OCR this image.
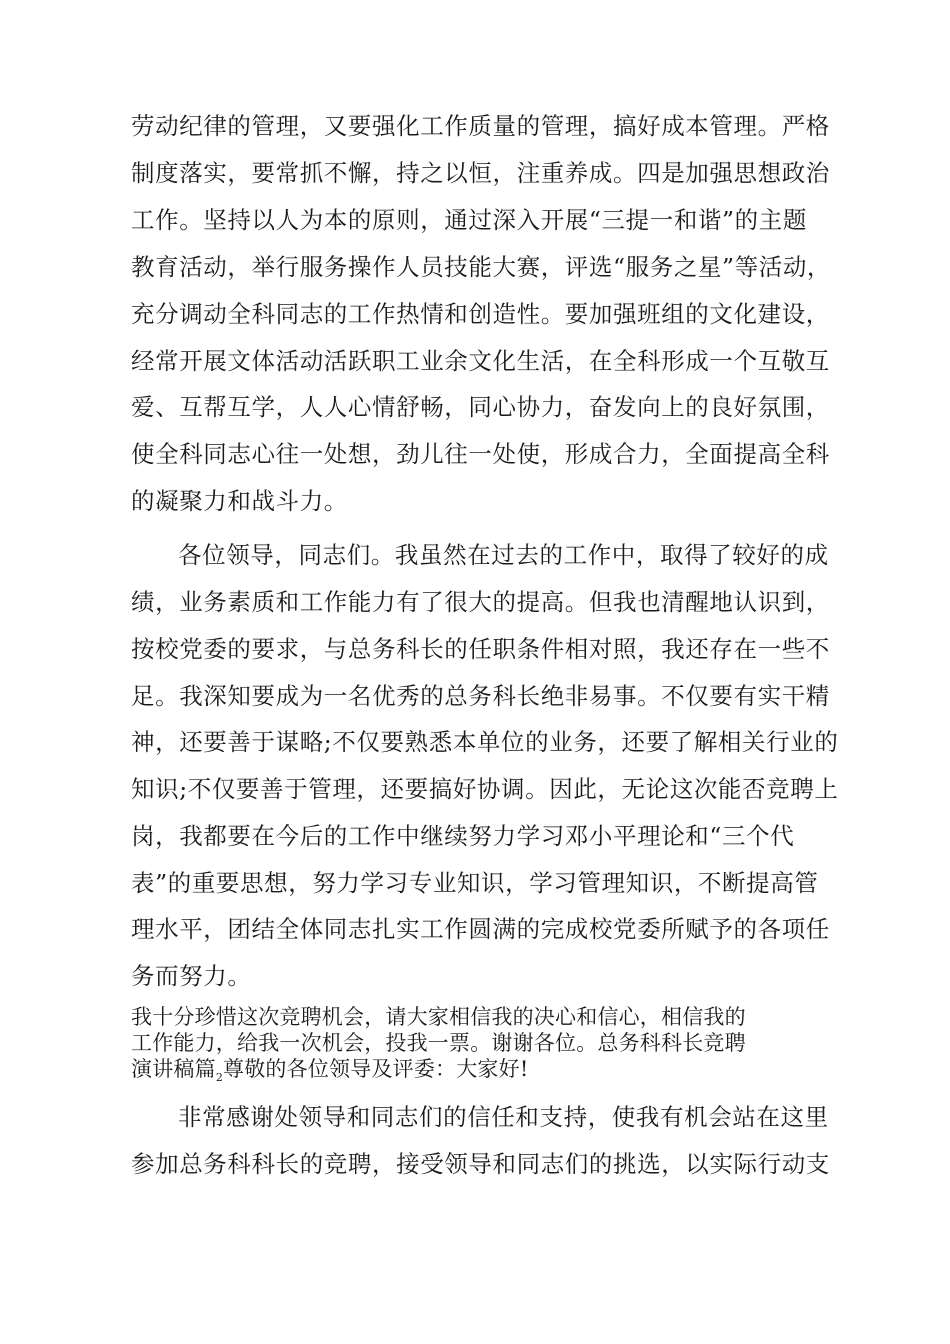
劳动纪律的管理，又要强化工作质量的管理，搞好成本管理。严格
制度落实，要常抓不懈，持之以恒，注重养成。四是加强思想政治
工作。坚持以人为本的原则，通过深入开展“三提一和谐”的主题
教育活动，举行服务操作人员技能大赛，评选“服务之星”等活动，
充分调动全科同志的工作热情和创造性。要加强班组的文化建设，
经常开展文体活动活跃职工业余文化生活，在全科形成一个互敬互
爱、互帮互学，人人心情舒畅，同心协力，奋发向上的良好氛围，
使全科同志心往一处想，劲儿往一处使，形成合力，全面提高全科
的凝聚力和战斗力。
各位领导，同志们。我虽然在过去的工作中，取得了较好的成
绩，业务素质和工作能力有了很大的提高。但我也清醒地认识到，
按校党委的要求，与总务科长的任职条件相对照，我还存在一些不
足。我深知要成为一名优秀的总务科长绝非易事。不仅要有实干精
神，还要善于谋略;不仅要熟悉本单位的业务，还要了解相关行业的
知识;不仅要善于管理，还要搞好协调。因此，无论这次能否竞聘上
岗，我都要在今后的工作中继续努力学习邓小平理论和“三个代
表”的重要思想，努力学习专业知识，学习管理知识，不断提高管
理水平，团结全体同志扎实工作圆满的完成校党委所赋予的各项任
务而努力。
我十分珍惜这次竞聘机会，请大家相信我的决心和信心，相信我的
工作能力，给我一次机会，投我一票。谢谢各位。总务科科长竞聘
演讲稿篇$_2$尊敬的各位领导及评委：大家好!
非常感谢处领导和同志们的信任和支持，使我有机会站在这里
参加总务科科长的竞聘，接受领导和同志们的挑选，以实际行动支
